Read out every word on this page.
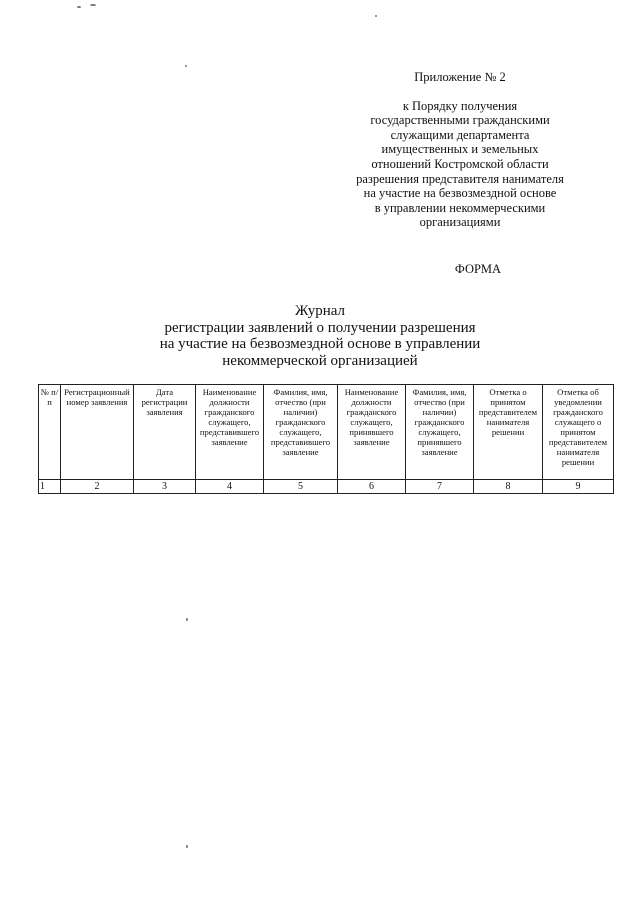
Приложение № 2
к Порядку получения
государственными гражданскими
служащими департамента
имущественных и земельных
отношений Костромской области
разрешения представителя нанимателя
на участие на безвозмездной основе
в управлении некоммерческими
организациями
ФОРМА
Журнал
регистрации заявлений о получении разрешения
на участие на безвозмездной основе в управлении
некоммерческой организацией
№ п/п	Регистрационный номер заявления	Дата регистрации заявления	Наименование должности гражданского служащего, представившего заявление	Фамилия, имя, отчество (при наличии) гражданского служащего, представившего заявление	Наименование должности гражданского служащего, принявшего заявление	Фамилия, имя, отчество (при наличии) гражданского служащего, принявшего заявление	Отметка о принятом представителем нанимателя решении	Отметка об уведомлении гражданского служащего о принятом представителем нанимателя решении
1	2	3	4	5	6	7	8	9
